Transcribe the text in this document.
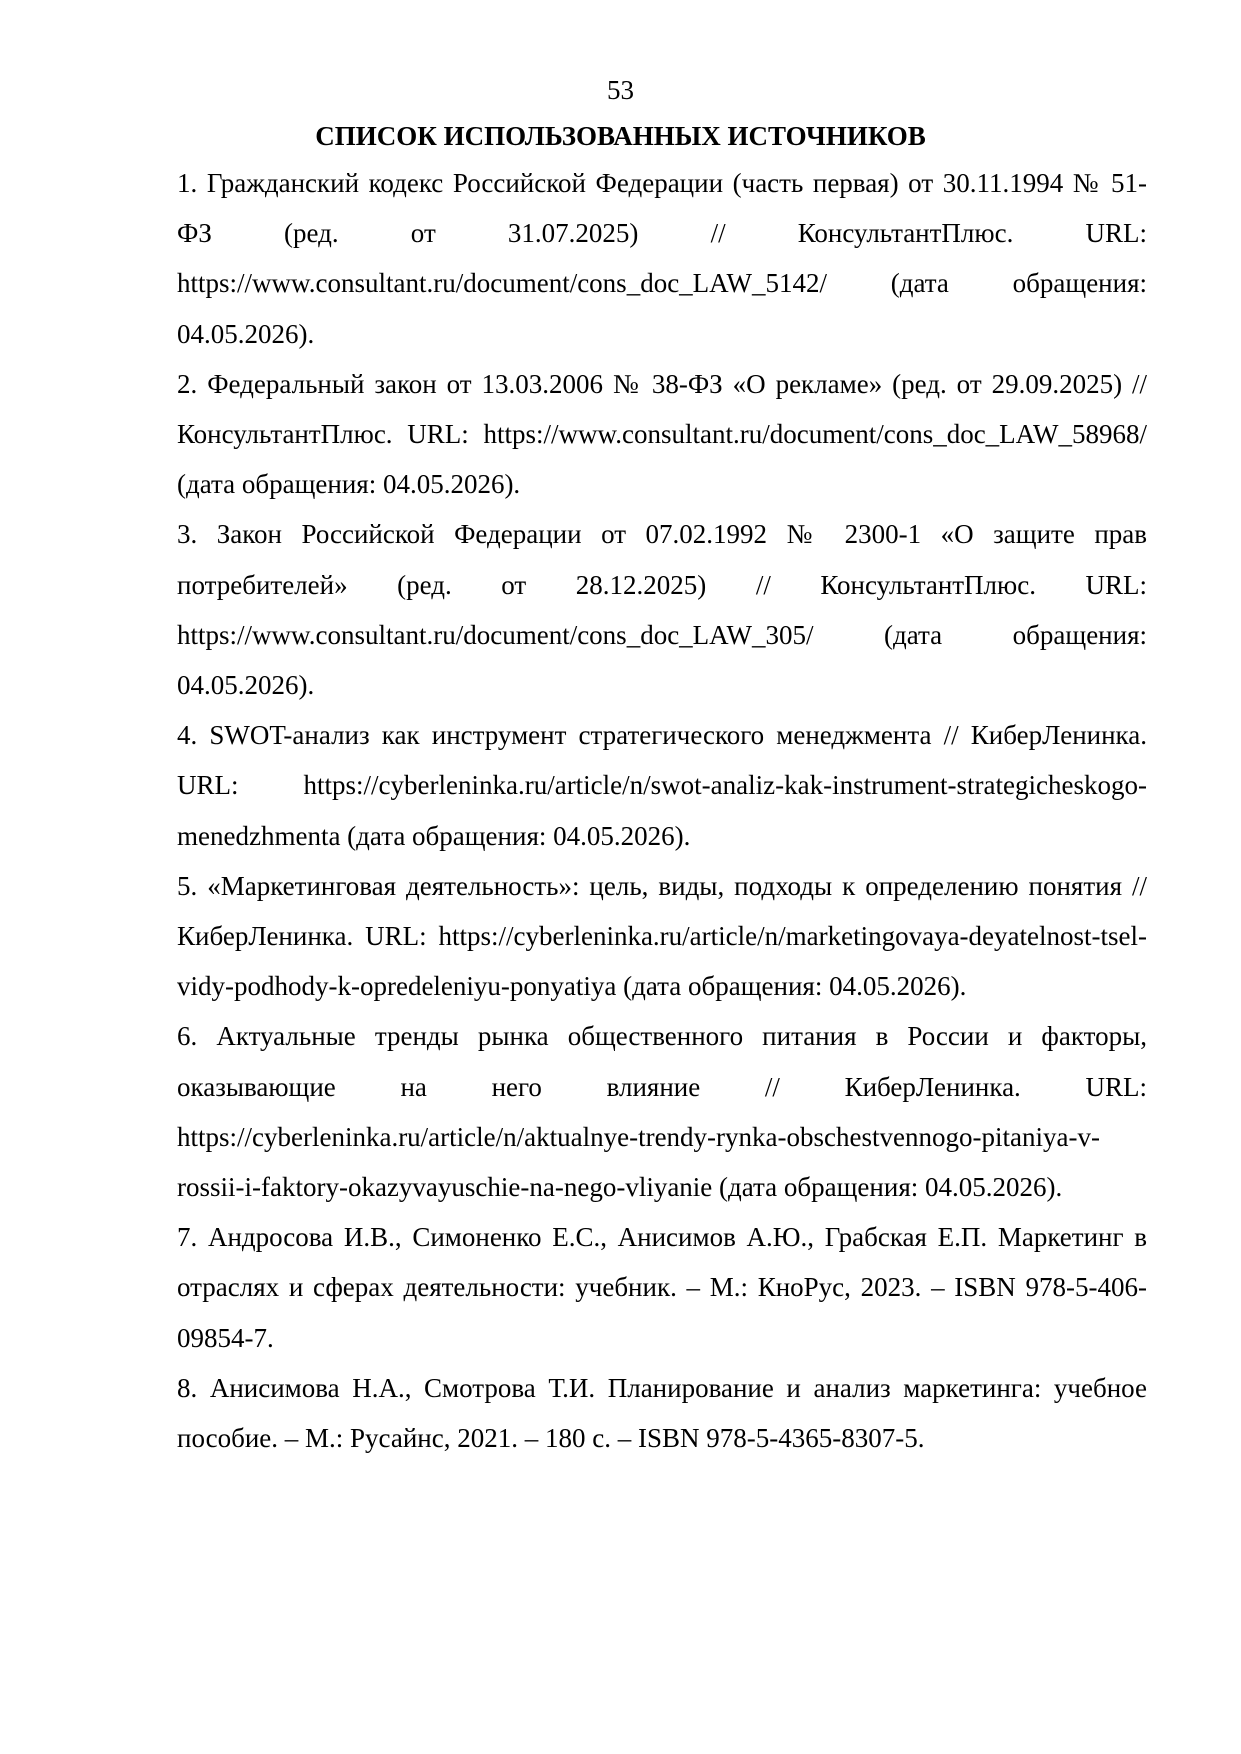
53
СПИСОК ИСПОЛЬЗОВАННЫХ ИСТОЧНИКОВ
1. Гражданский кодекс Российской Федерации (часть первая) от 30.11.1994 № 51-ФЗ (ред. от 31.07.2025) // КонсультантПлюс. URL: https://www.consultant.ru/document/cons_doc_LAW_5142/ (дата обращения: 04.05.2026).
2. Федеральный закон от 13.03.2006 № 38-ФЗ «О рекламе» (ред. от 29.09.2025) // КонсультантПлюс. URL: https://www.consultant.ru/document/cons_doc_LAW_58968/ (дата обращения: 04.05.2026).
3. Закон Российской Федерации от 07.02.1992 № 2300-1 «О защите прав потребителей» (ред. от 28.12.2025) // КонсультантПлюс. URL: https://www.consultant.ru/document/cons_doc_LAW_305/ (дата обращения: 04.05.2026).
4. SWOT-анализ как инструмент стратегического менеджмента // КиберЛенинка. URL: https://cyberleninka.ru/article/n/swot-analiz-kak-instrument-strategicheskogo-menedzhmenta (дата обращения: 04.05.2026).
5. «Маркетинговая деятельность»: цель, виды, подходы к определению понятия // КиберЛенинка. URL: https://cyberleninka.ru/article/n/marketingovaya-deyatelnost-tsel-vidy-podhody-k-opredeleniyu-ponyatiya (дата обращения: 04.05.2026).
6. Актуальные тренды рынка общественного питания в России и факторы, оказывающие на него влияние // КиберЛенинка. URL: https://cyberleninka.ru/article/n/aktualnye-trendy-rynka-obschestvennogo-pitaniya-v-rossii-i-faktory-okazyvayuschie-na-nego-vliyanie (дата обращения: 04.05.2026).
7. Андросова И.В., Симоненко Е.С., Анисимов А.Ю., Грабская Е.П. Маркетинг в отраслях и сферах деятельности: учебник. – М.: КноРус, 2023. – ISBN 978-5-406-09854-7.
8. Анисимова Н.А., Смотрова Т.И. Планирование и анализ маркетинга: учебное пособие. – М.: Русайнс, 2021. – 180 с. – ISBN 978-5-4365-8307-5.
